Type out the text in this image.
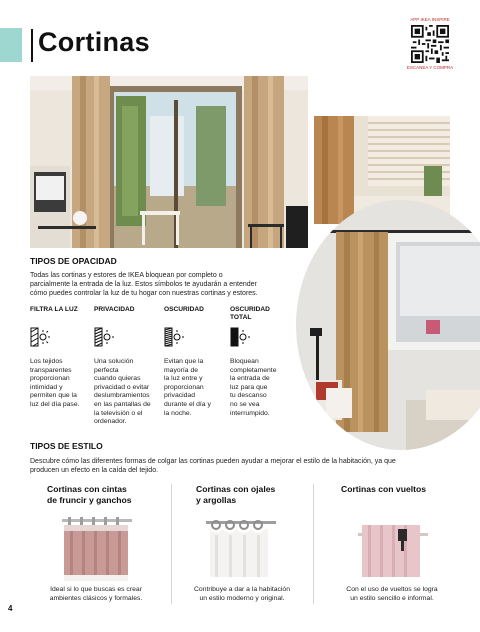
Cortinas
APP IKEA INSPIRE
ESCANEA Y COMPRA
TIPOS DE OPACIDAD
Todas las cortinas y estores de IKEA bloquean por completo o
parcialmente la entrada de la luz. Estos símbolos te ayudarán a entender
cómo puedes controlar la luz de tu hogar con nuestras cortinas y estores.
FILTRA LA LUZ
Los tejidos
transparentes
proporcionan
intimidad y
permiten que la
luz del día pase.
PRIVACIDAD
Una solución
perfecta
cuando quieras
privacidad o evitar
deslumbramientos
en las pantallas de
la televisión o el
ordenador.
OSCURIDAD
Evitan que la
mayoría de
la luz entre y
proporcionan
privacidad
durante el día y
la noche.
OSCURIDAD
TOTAL
Bloquean
completamente
la entrada de
luz para que
tu descanso
no se vea
interrumpido.
TIPOS DE ESTILO
Descubre cómo las diferentes formas de colgar las cortinas pueden ayudar a mejorar el estilo de la habitación, ya que
producen un efecto en la caída del tejido.
Cortinas con cintas
de fruncir y ganchos
Ideal si lo que buscas es crear
ambientes clásicos y formales.
Cortinas con ojales
y argollas
Contribuye a dar a la habitación
un estilo moderno y original.
Cortinas con vueltos
Con el uso de vueltos se logra
un estilo sencillo e informal.
4
